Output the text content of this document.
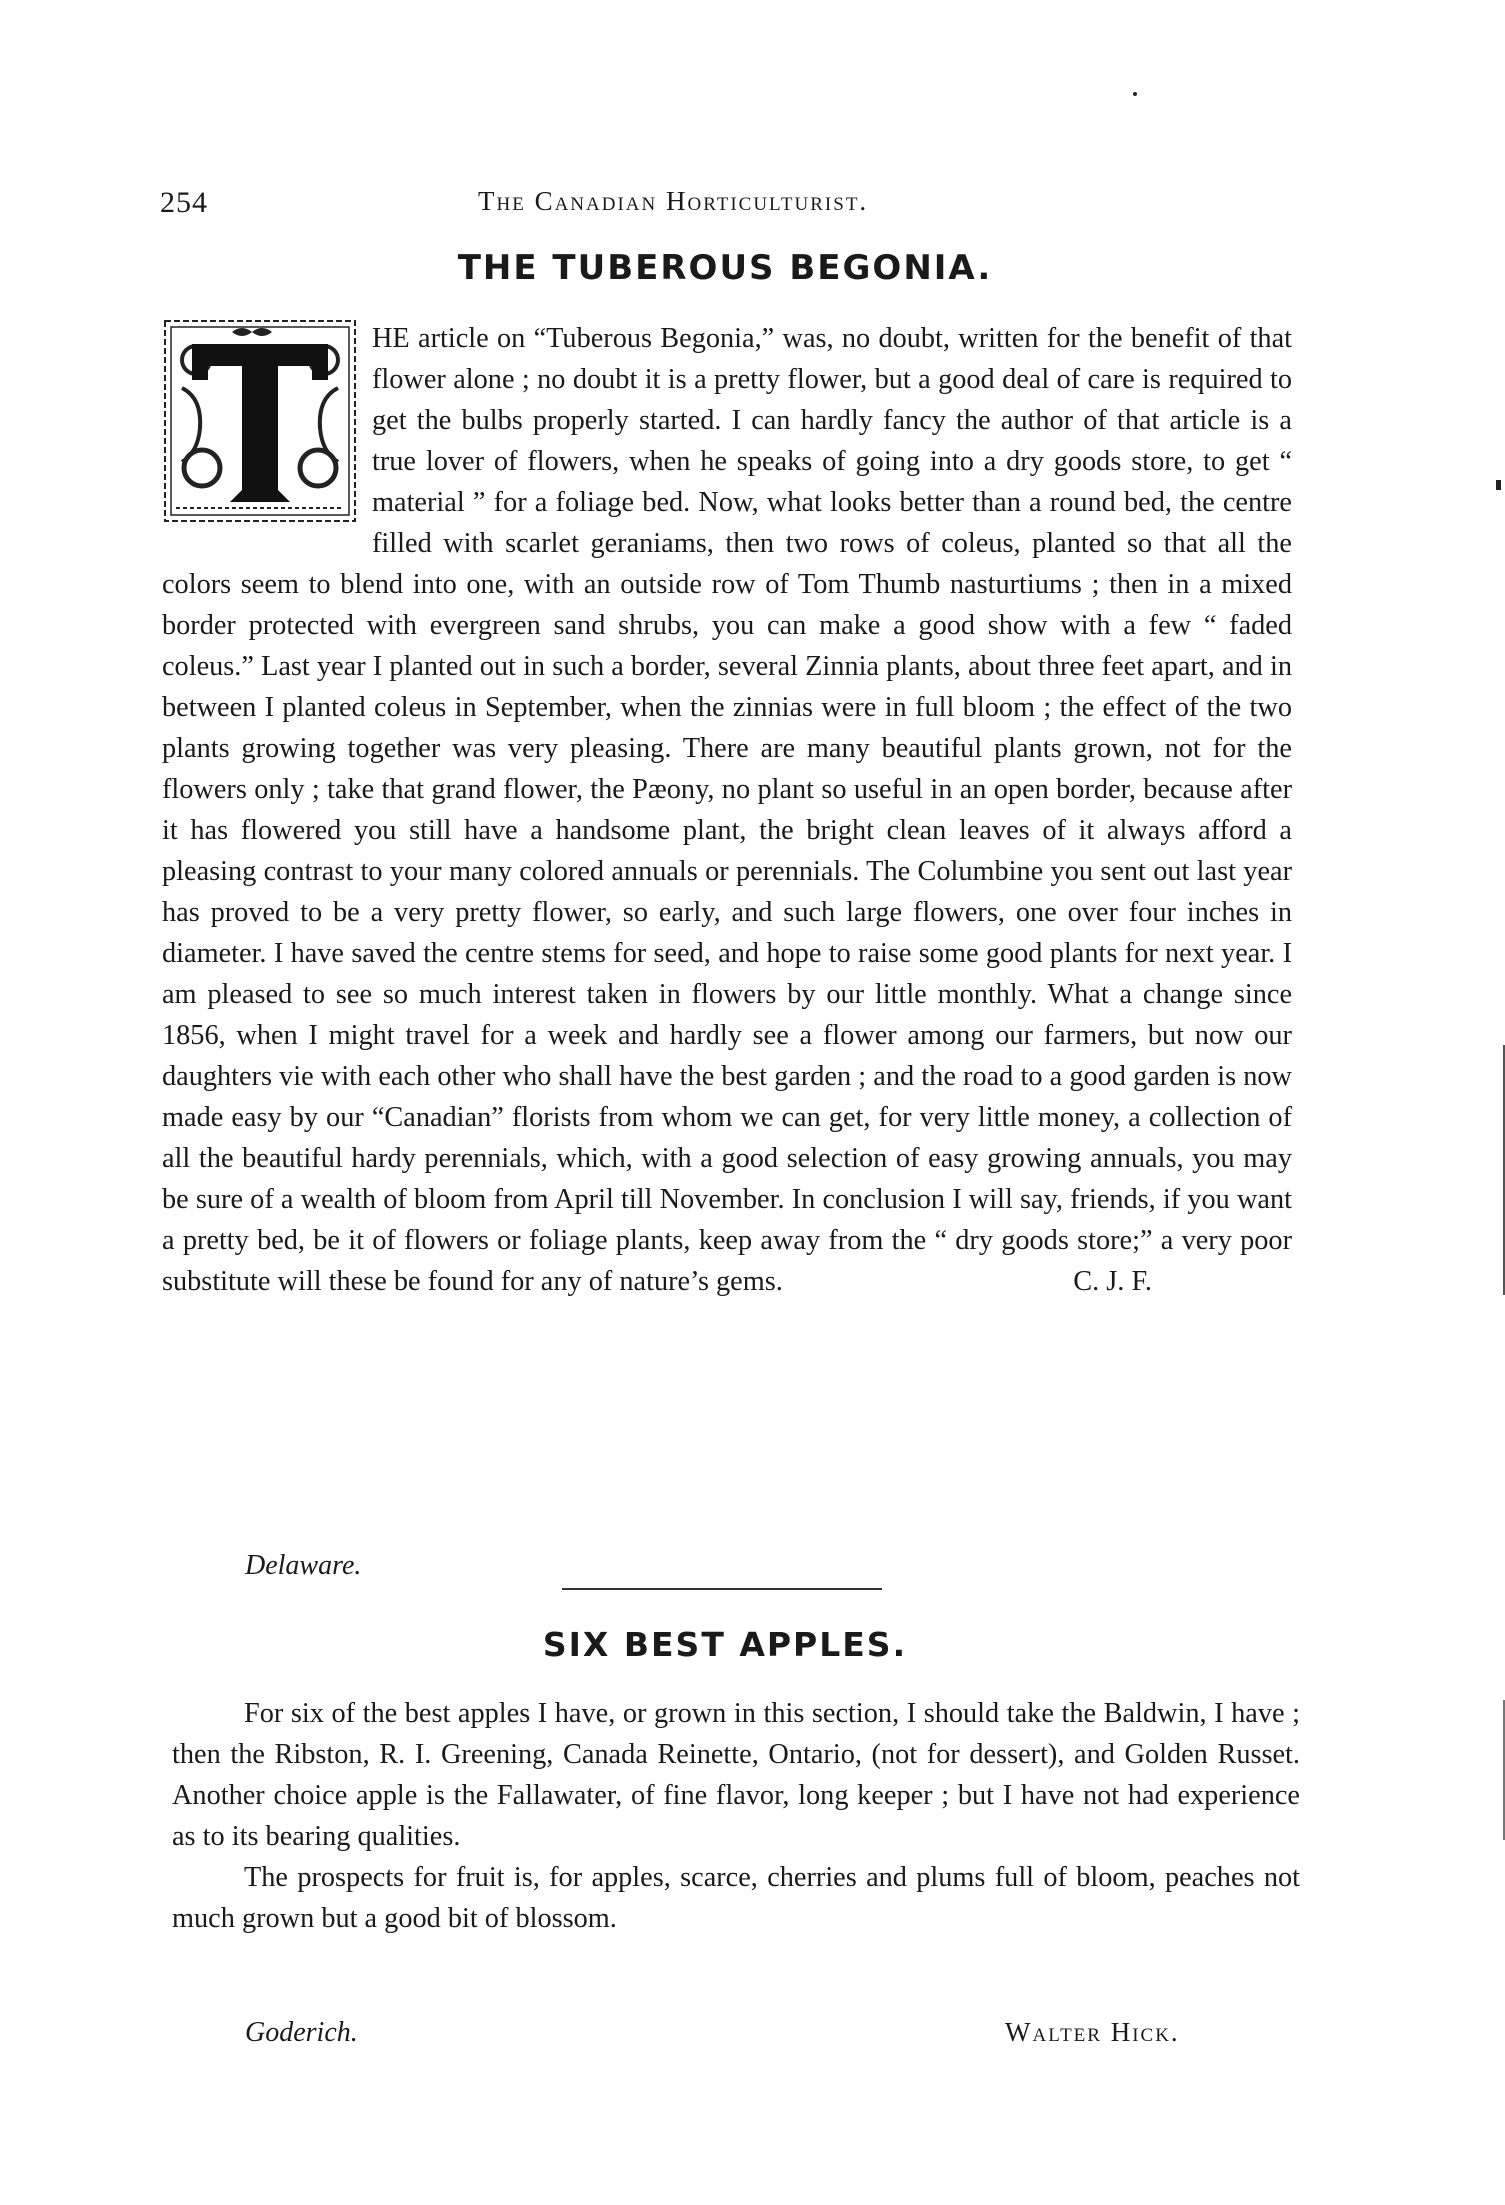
254	The Canadian Horticulturist.
THE TUBEROUS BEGONIA.
HE article on “Tuberous Begonia,” was, no doubt, written for the benefit of that flower alone ; no doubt it is a pretty flower, but a good deal of care is required to get the bulbs properly started. I can hardly fancy the author of that article is a true lover of flowers, when he speaks of going into a dry goods store, to get “ material ” for a foliage bed. Now, what looks better than a round bed, the centre filled with scarlet geraniams, then two rows of coleus, planted so that all the colors seem to blend into one, with an outside row of Tom Thumb nasturtiums ; then in a mixed border protected with evergreen sand shrubs, you can make a good show with a few “ faded coleus.” Last year I planted out in such a border, several Zinnia plants, about three feet apart, and in between I planted coleus in September, when the zinnias were in full bloom ; the effect of the two plants growing together was very pleasing. There are many beautiful plants grown, not for the flowers only ; take that grand flower, the Pæony, no plant so useful in an open border, because after it has flowered you still have a handsome plant, the bright clean leaves of it always afford a pleasing contrast to your many colored annuals or perennials. The Columbine you sent out last year has proved to be a very pretty flower, so early, and such large flowers, one over four inches in diameter. I have saved the centre stems for seed, and hope to raise some good plants for next year. I am pleased to see so much interest taken in flowers by our little monthly. What a change since 1856, when I might travel for a week and hardly see a flower among our farmers, but now our daughters vie with each other who shall have the best garden ; and the road to a good garden is now made easy by our “Canadian” florists from whom we can get, for very little money, a collection of all the beautiful hardy perennials, which, with a good selection of easy growing annuals, you may be sure of a wealth of bloom from April till November. In conclusion I will say, friends, if you want a pretty bed, be it of flowers or foliage plants, keep away from the “ dry goods store;” a very poor substitute will these be found for any of nature’s gems.	C. J. F.
Delaware.
SIX BEST APPLES.

For six of the best apples I have, or grown in this section, I should take the Baldwin, I have ; then the Ribston, R. I. Greening, Canada Reinette, Ontario, (not for dessert), and Golden Russet. Another choice apple is the Fallawater, of fine flavor, long keeper ; but I have not had experience as to its bearing qualities.

The prospects for fruit is, for apples, scarce, cherries and plums full of bloom, peaches not much grown but a good bit of blossom.

Goderich.	Walter Hick.
